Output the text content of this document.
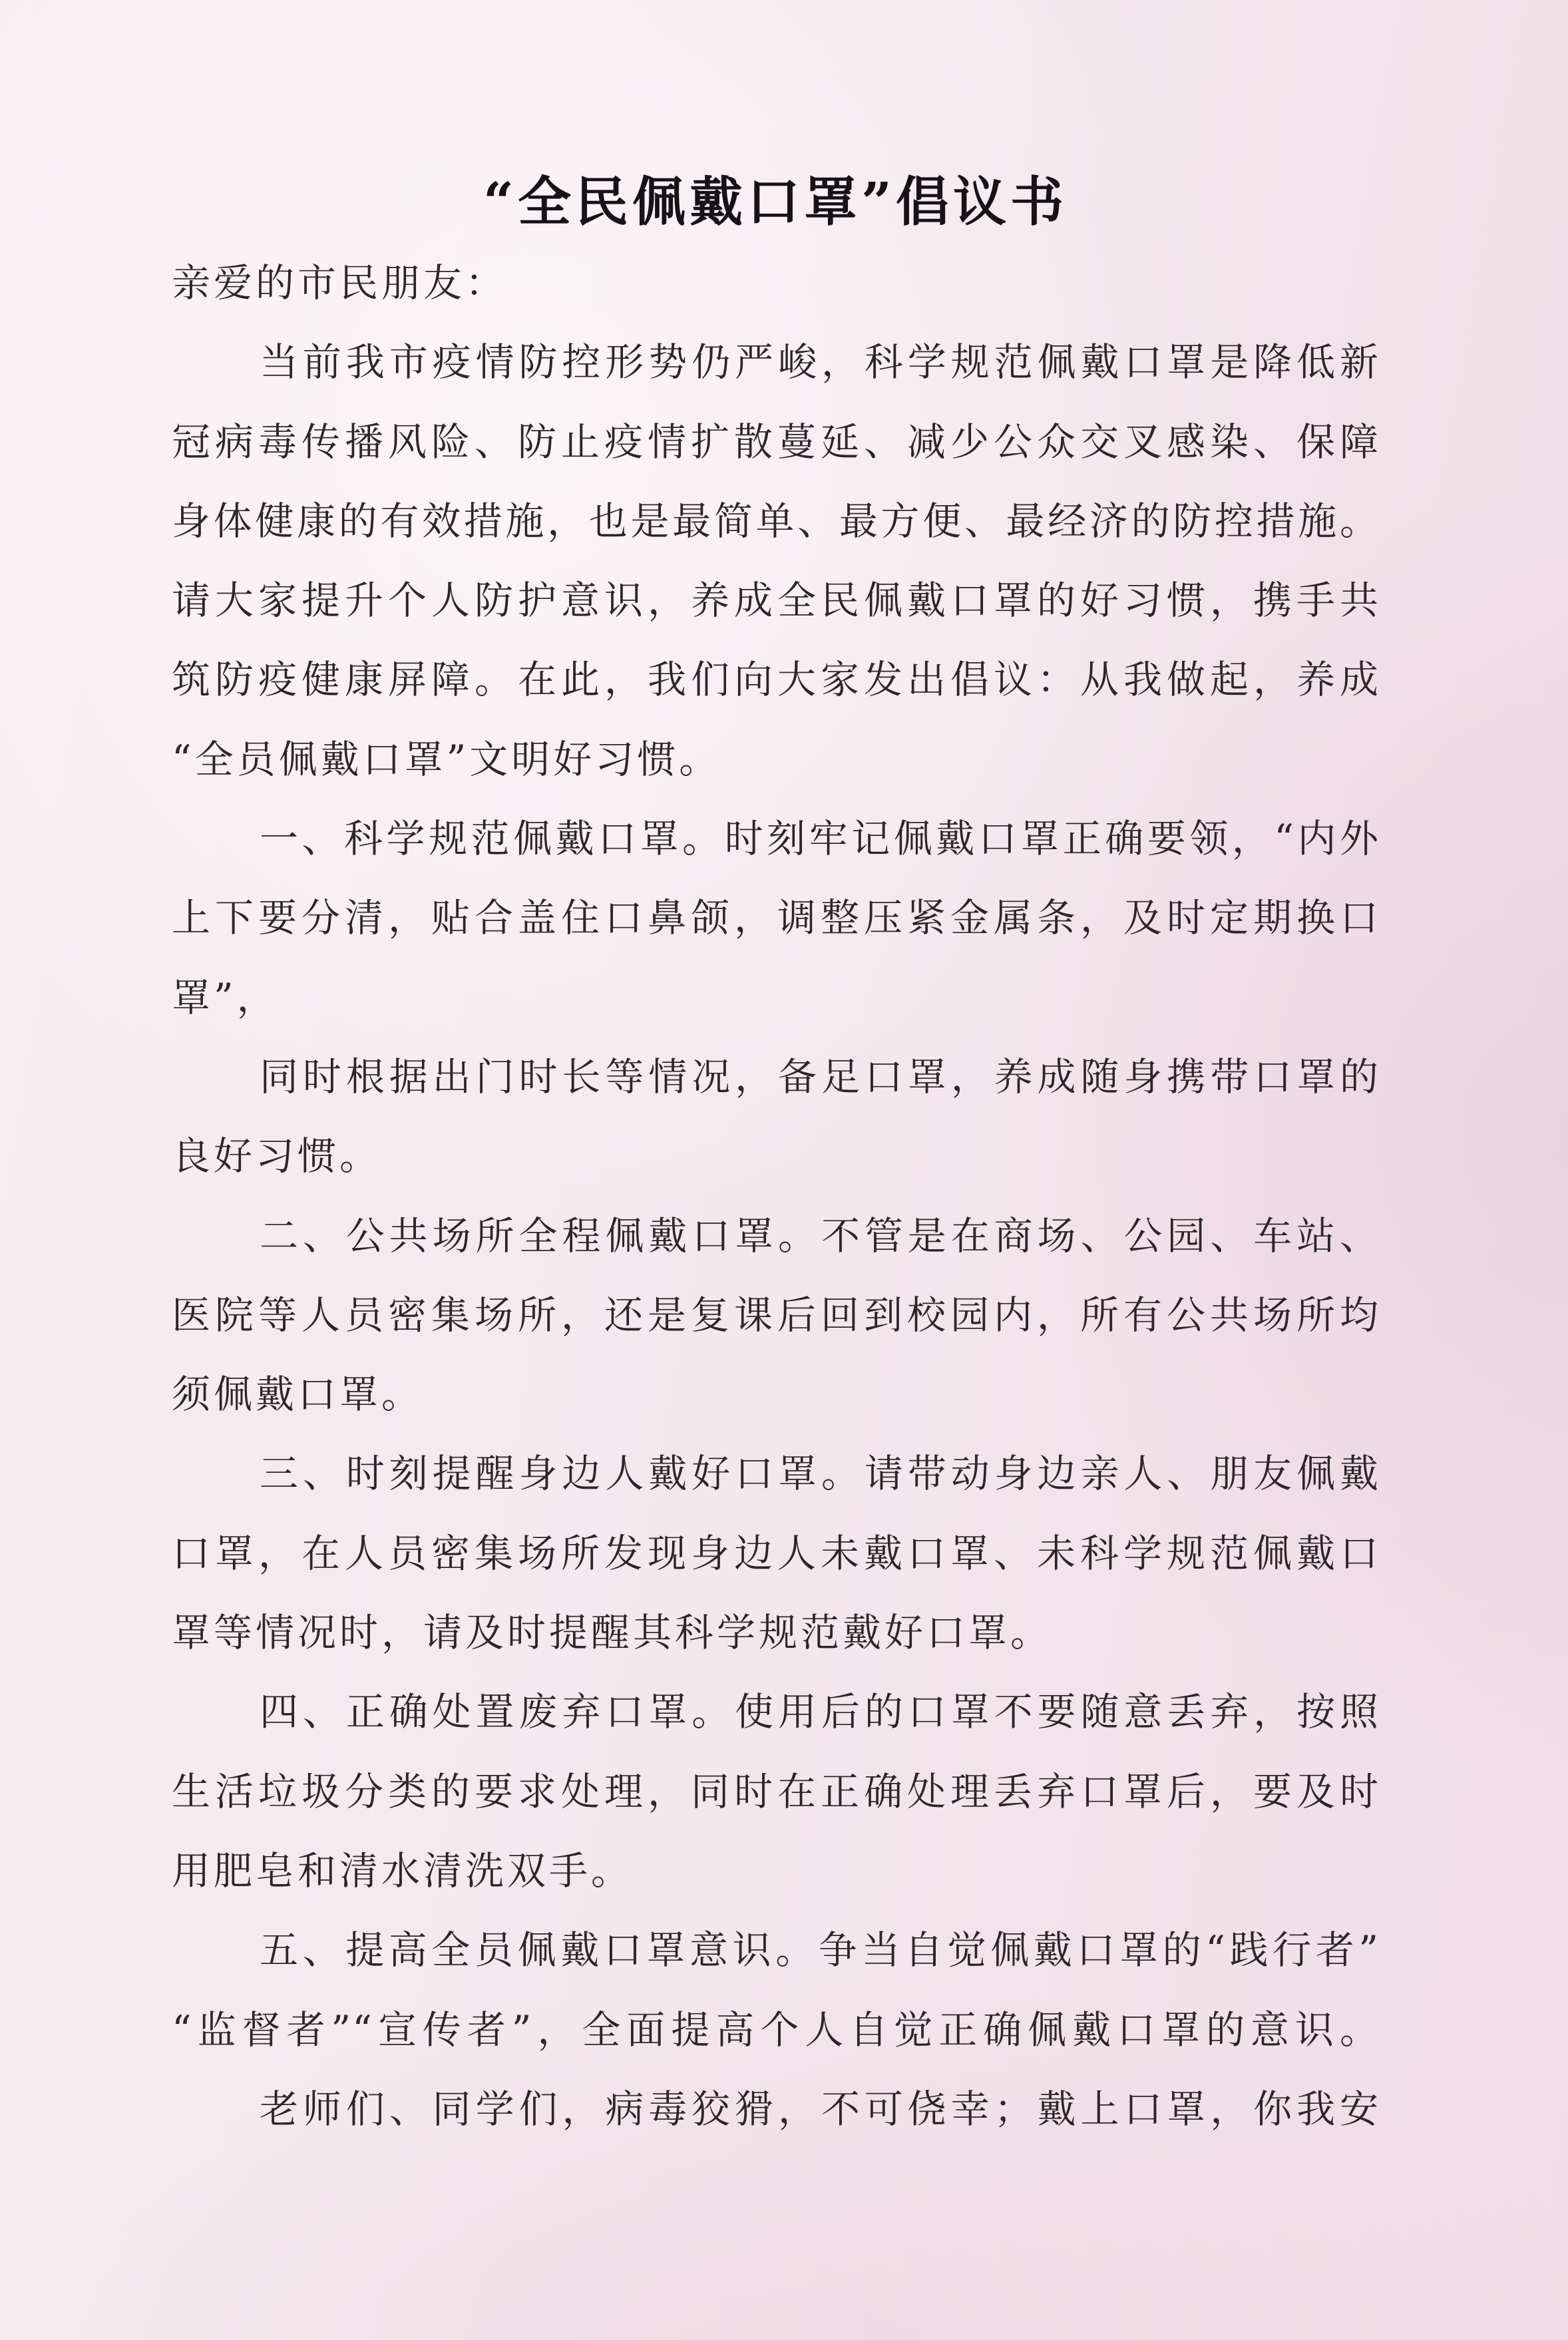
“全民佩戴口罩”倡议书
亲爱的市民朋友：
当前我市疫情防控形势仍严峻，科学规范佩戴口罩是降低新
冠病毒传播风险、防止疫情扩散蔓延、减少公众交叉感染、保障
身体健康的有效措施，也是最简单、最方便、最经济的防控措施。
请大家提升个人防护意识，养成全民佩戴口罩的好习惯，携手共
筑防疫健康屏障。在此，我们向大家发出倡议：从我做起，养成
“全员佩戴口罩”文明好习惯。
一、科学规范佩戴口罩。时刻牢记佩戴口罩正确要领，“内外
上下要分清，贴合盖住口鼻颌，调整压紧金属条，及时定期换口
罩”，
同时根据出门时长等情况，备足口罩，养成随身携带口罩的
良好习惯。
二、公共场所全程佩戴口罩。不管是在商场、公园、车站、
医院等人员密集场所，还是复课后回到校园内，所有公共场所均
须佩戴口罩。
三、时刻提醒身边人戴好口罩。请带动身边亲人、朋友佩戴
口罩，在人员密集场所发现身边人未戴口罩、未科学规范佩戴口
罩等情况时，请及时提醒其科学规范戴好口罩。
四、正确处置废弃口罩。使用后的口罩不要随意丢弃，按照
生活垃圾分类的要求处理，同时在正确处理丢弃口罩后，要及时
用肥皂和清水清洗双手。
五、提高全员佩戴口罩意识。争当自觉佩戴口罩的“践行者”
“监督者”“宣传者”，全面提高个人自觉正确佩戴口罩的意识。
老师们、同学们，病毒狡猾，不可侥幸；戴上口罩，你我安
